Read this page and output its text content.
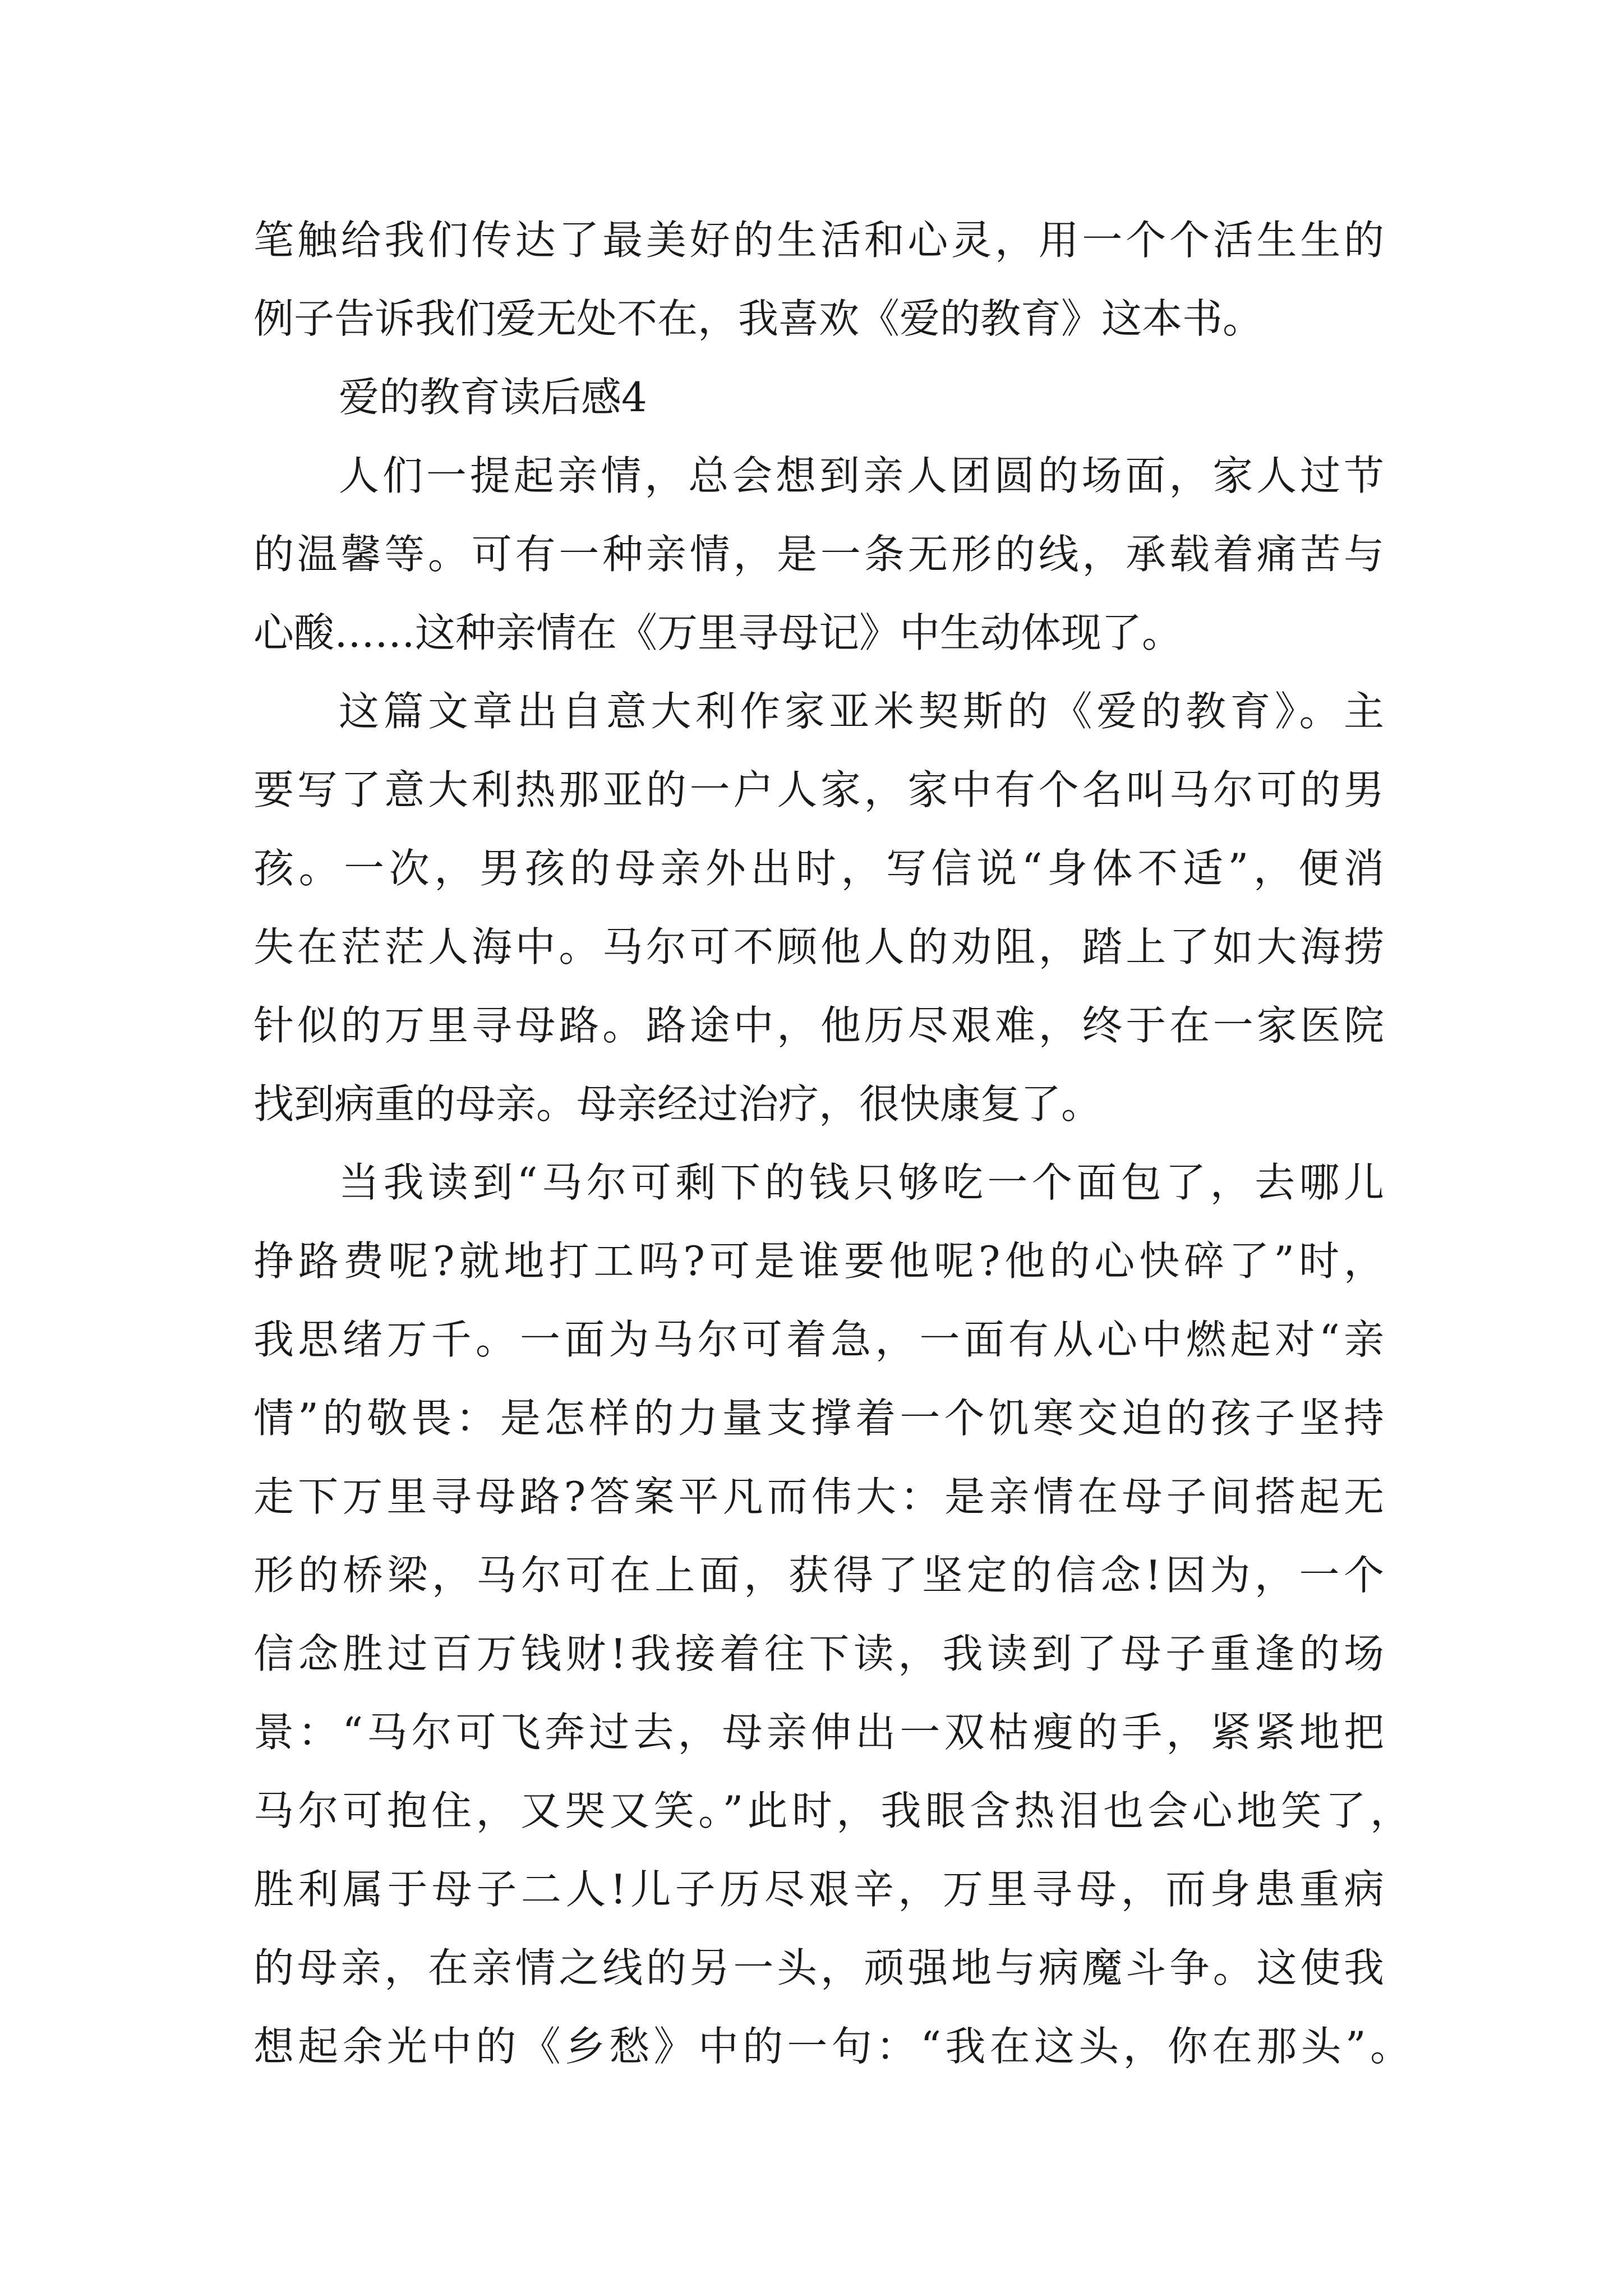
笔触给我们传达了最美好的生活和心灵，用一个个活生生的
例子告诉我们爱无处不在，我喜欢《爱的教育》这本书。
爱的教育读后感4
人们一提起亲情，总会想到亲人团圆的场面，家人过节
的温馨等。可有一种亲情，是一条无形的线，承载着痛苦与
心酸……这种亲情在《万里寻母记》中生动体现了。
这篇文章出自意大利作家亚米契斯的《爱的教育》。主
要写了意大利热那亚的一户人家，家中有个名叫马尔可的男
孩。一次，男孩的母亲外出时，写信说“身体不适”，便消
失在茫茫人海中。马尔可不顾他人的劝阻，踏上了如大海捞
针似的万里寻母路。路途中，他历尽艰难，终于在一家医院
找到病重的母亲。母亲经过治疗，很快康复了。
当我读到“马尔可剩下的钱只够吃一个面包了，去哪儿
挣路费呢?就地打工吗?可是谁要他呢?他的心快碎了”时，
我思绪万千。一面为马尔可着急，一面有从心中燃起对“亲
情”的敬畏：是怎样的力量支撑着一个饥寒交迫的孩子坚持
走下万里寻母路?答案平凡而伟大：是亲情在母子间搭起无
形的桥梁，马尔可在上面，获得了坚定的信念!因为，一个
信念胜过百万钱财!我接着往下读，我读到了母子重逢的场
景：“马尔可飞奔过去，母亲伸出一双枯瘦的手，紧紧地把
马尔可抱住，又哭又笑。”此时，我眼含热泪也会心地笑了，
胜利属于母子二人!儿子历尽艰辛，万里寻母，而身患重病
的母亲，在亲情之线的另一头，顽强地与病魔斗争。这使我
想起余光中的《乡愁》中的一句：“我在这头，你在那头”。
